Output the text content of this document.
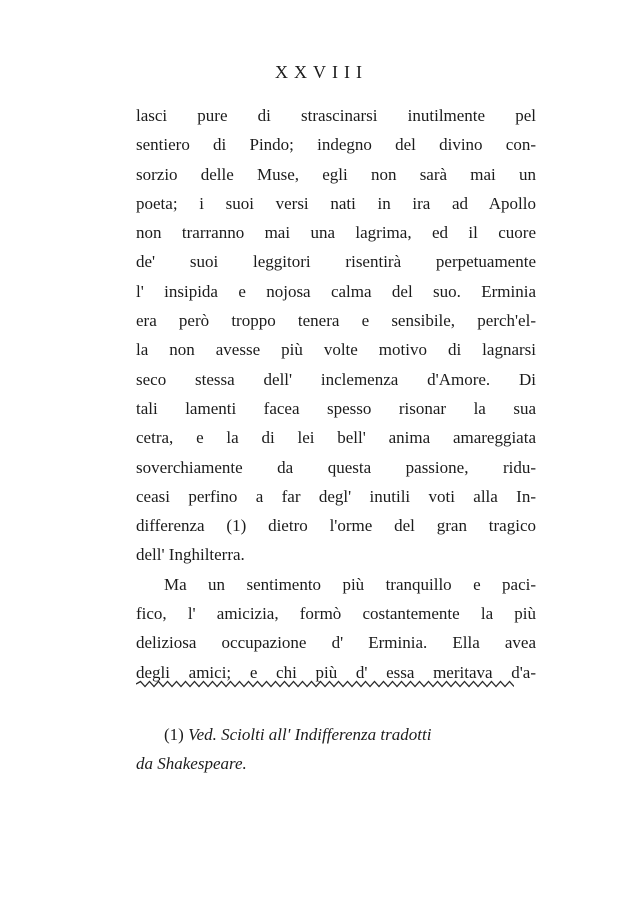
XXVIII
lasci pure di strascinarsi inutilmente pel
sentiero di Pindo; indegno del divino con-
sorzio delle Muse, egli non sarà mai un
poeta; i suoi versi nati in ira ad Apollo
non trarranno mai una lagrima, ed il cuore
de' suoi leggitori risentirà perpetuamente
l' insipida e nojosa calma del suo. Erminia
era però troppo tenera e sensibile, perch'el-
la non avesse più volte motivo di lagnarsi
seco stessa dell' inclemenza d'Amore. Di
tali lamenti facea spesso risonar la sua
cetra, e la di lei bell' anima amareggiata
soverchiamente da questa passione, ridu-
ceasi perfino a far degl' inutili voti alla In-
differenza (1) dietro l'orme del gran tragico
dell' Inghilterra.
Ma un sentimento più tranquillo e paci-
fico, l' amicizia, formò costantemente la più
deliziosa occupazione d' Erminia. Ella avea
degli amici; e chi più d' essa meritava d'a-
(1) Ved. Sciolti all' Indifferenza tradotti
da Shakespeare.
